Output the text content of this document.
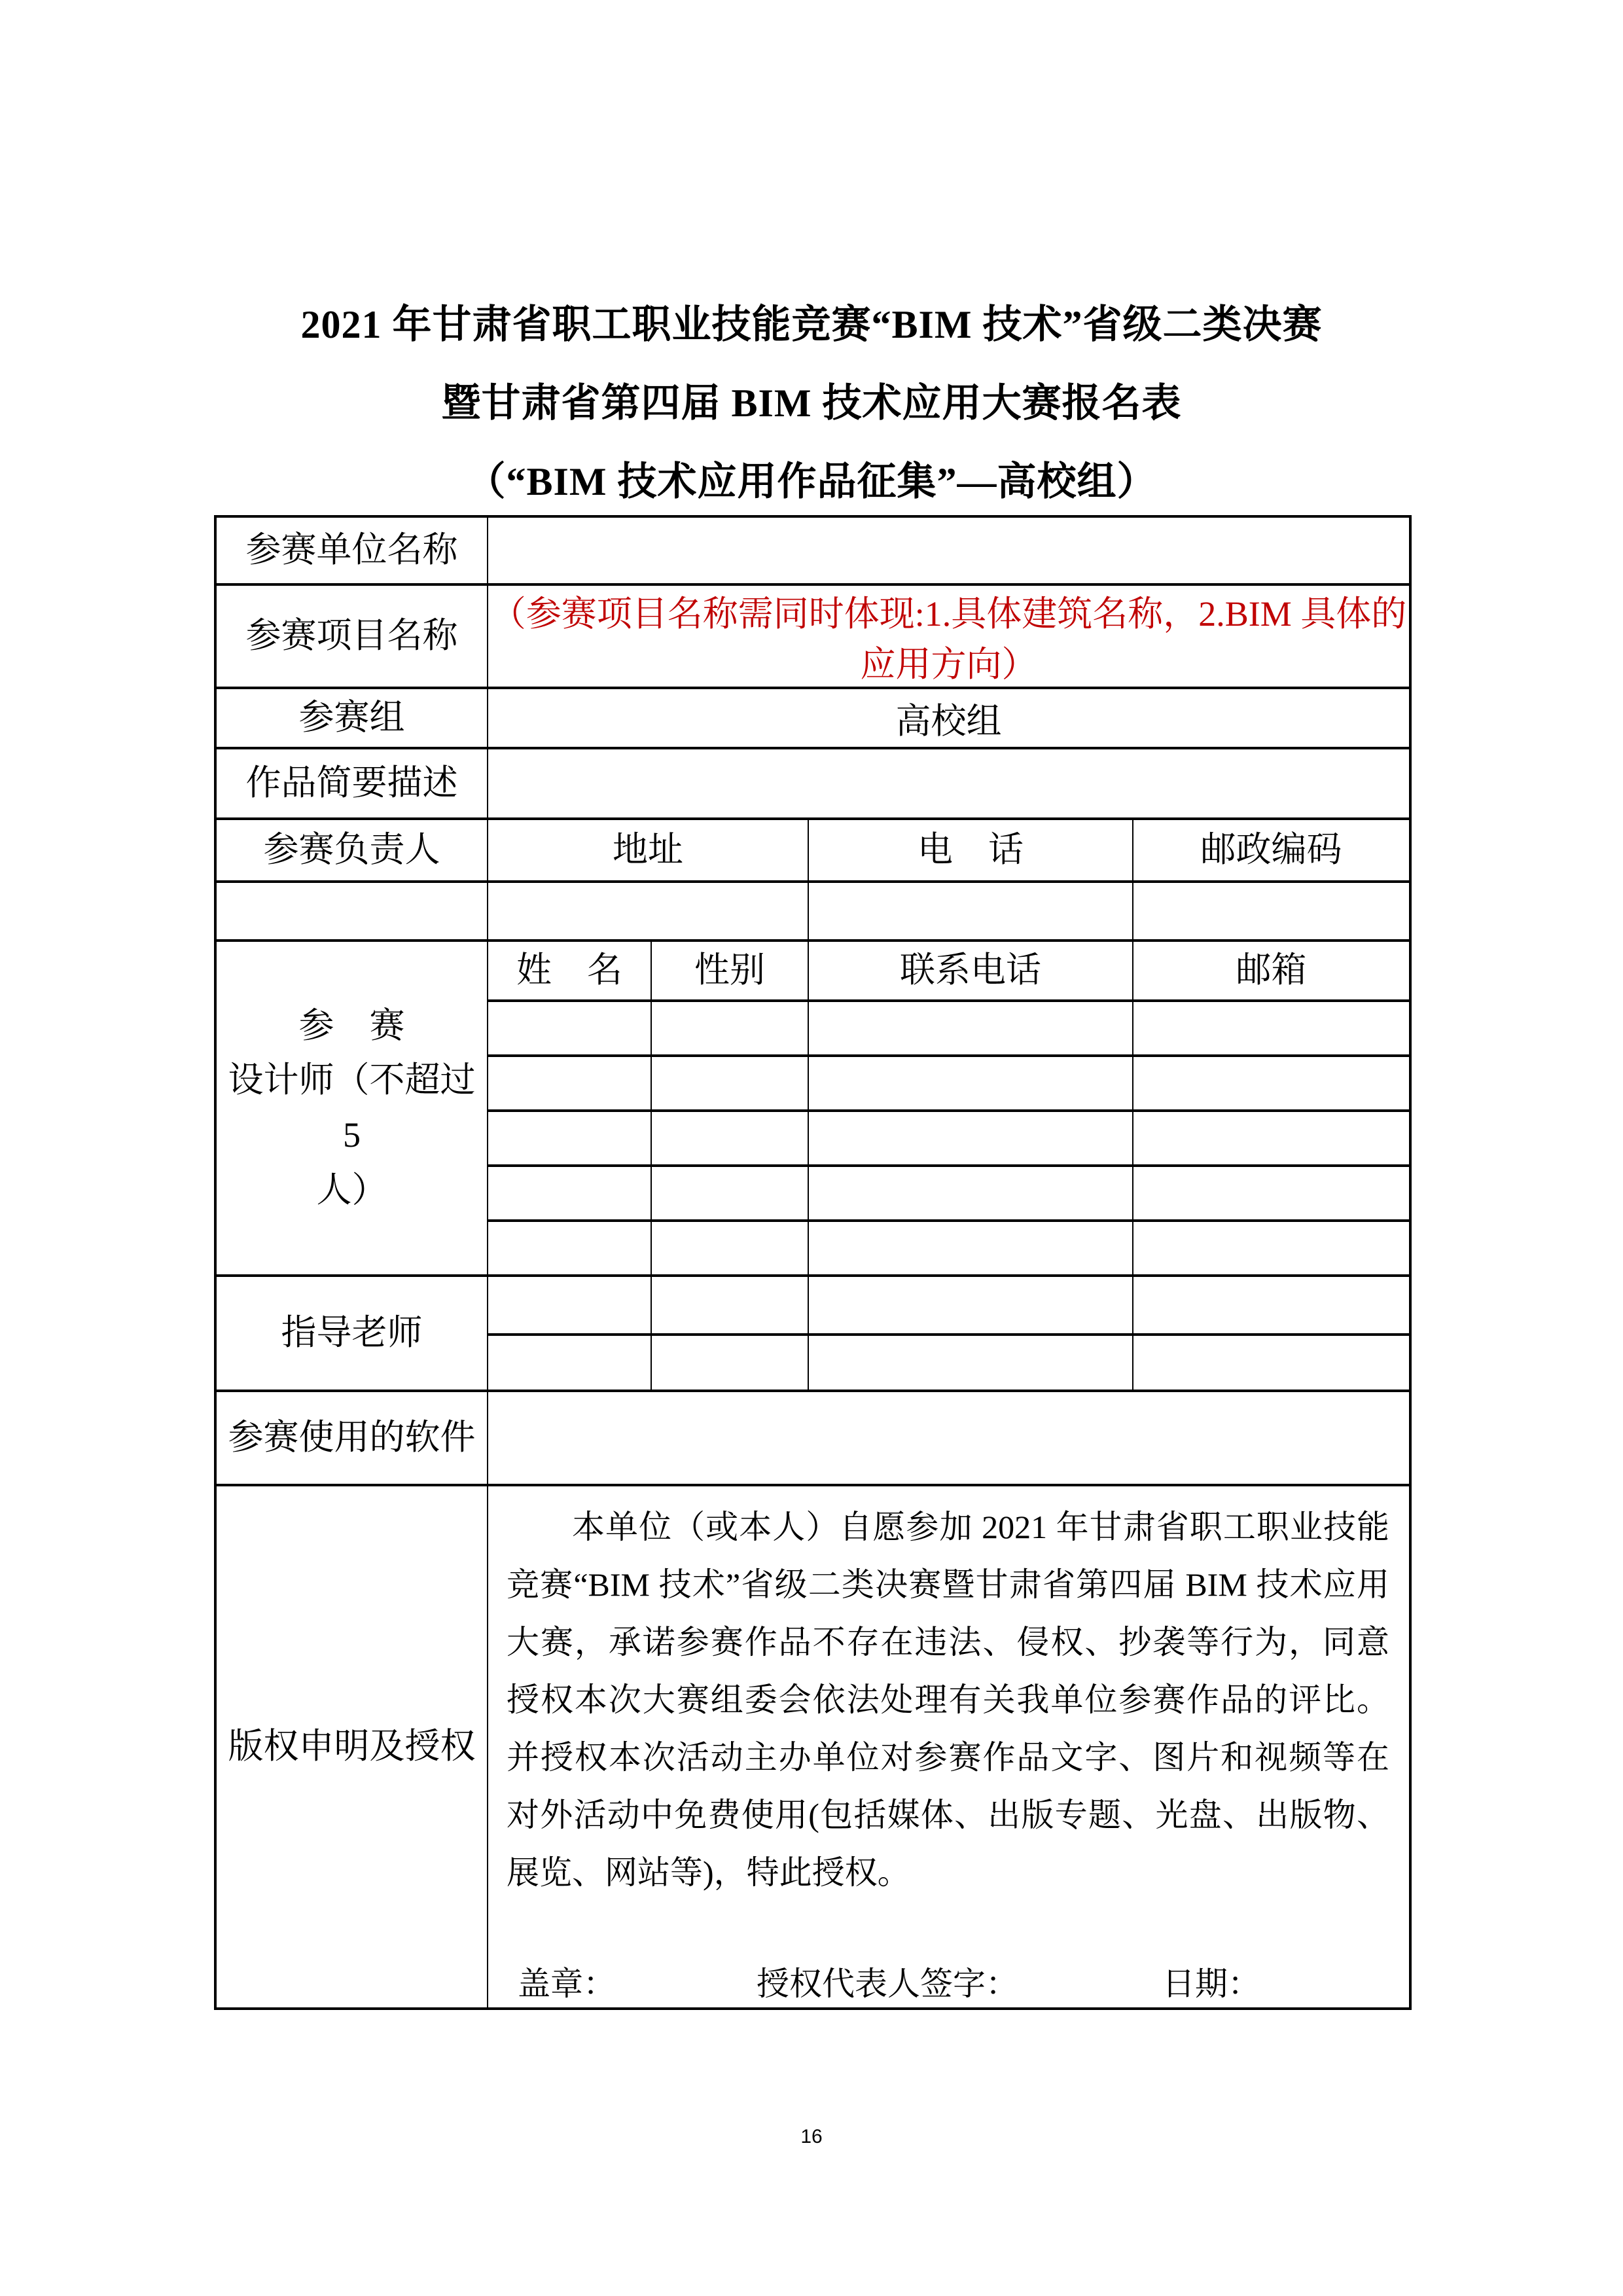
2021 年甘肃省职工职业技能竞赛“BIM 技术”省级二类决赛
暨甘肃省第四届 BIM 技术应用大赛报名表
（“BIM 技术应用作品征集”—高校组）
参赛单位名称				
参赛项目名称	（参赛项目名称需同时体现:1.具体建筑名称，2.BIM 具体的应用方向）			
参赛组	高校组			
作品简要描述				
参赛负责人	地址		电　话	邮政编码

参　赛
设计师（不超过 5
人）	姓　名	性别	联系电话	邮箱

指导老师				

参赛使用的软件				
版权申明及授权	本单位（或本人）自愿参加 2021 年甘肃省职工职业技能竞赛“BIM 技术”省级二类决赛暨甘肃省第四届 BIM 技术应用大赛，承诺参赛作品不存在违法、侵权、抄袭等行为，同意授权本次大赛组委会依法处理有关我单位参赛作品的评比。并授权本次活动主办单位对参赛作品文字、图片和视频等在对外活动中免费使用(包括媒体、出版专题、光盘、出版物、展览、网站等)，特此授权。
盖章： 授权代表人签字： 日期：			
16
